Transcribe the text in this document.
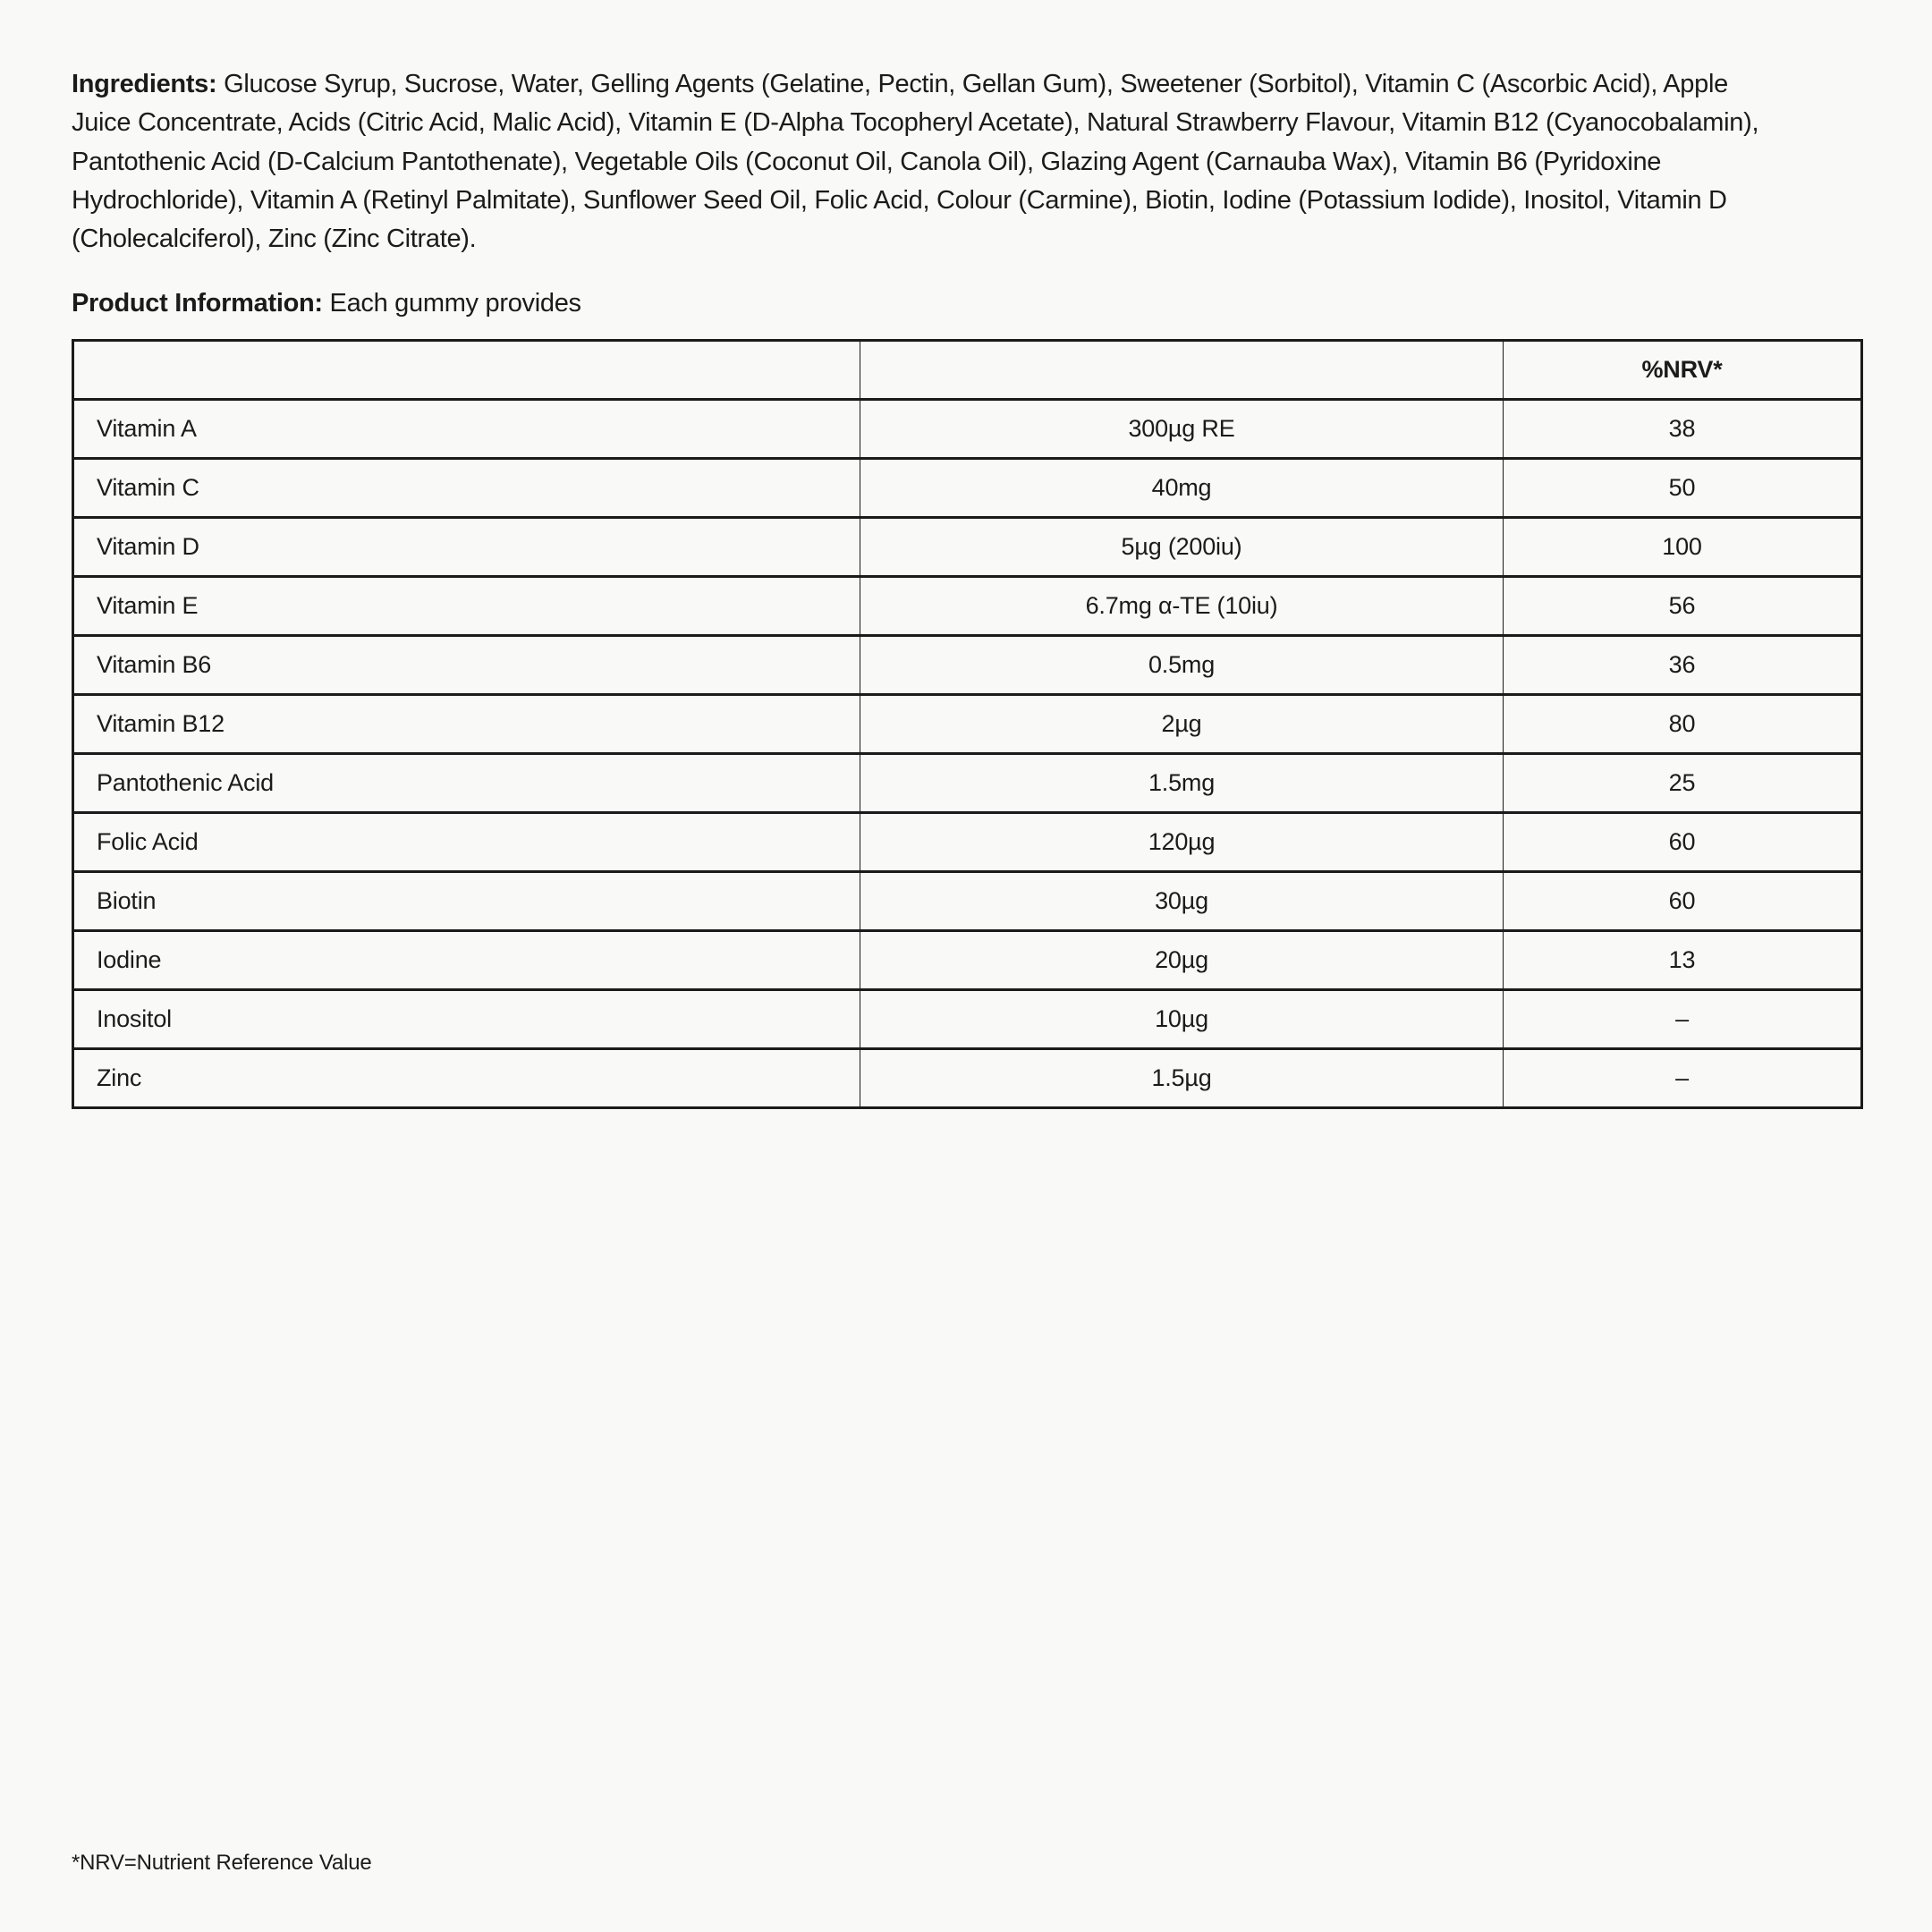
Ingredients: Glucose Syrup, Sucrose, Water, Gelling Agents (Gelatine, Pectin, Gellan Gum), Sweetener (Sorbitol), Vitamin C (Ascorbic Acid), Apple
Juice Concentrate, Acids (Citric Acid, Malic Acid), Vitamin E (D-Alpha Tocopheryl Acetate), Natural Strawberry Flavour, Vitamin B12 (Cyanocobalamin),
Pantothenic Acid (D-Calcium Pantothenate), Vegetable Oils (Coconut Oil, Canola Oil), Glazing Agent (Carnauba Wax), Vitamin B6 (Pyridoxine
Hydrochloride), Vitamin A (Retinyl Palmitate), Sunflower Seed Oil, Folic Acid, Colour (Carmine), Biotin, Iodine (Potassium Iodide), Inositol, Vitamin D
(Cholecalciferol), Zinc (Zinc Citrate).
Product Information: Each gummy provides
		%NRV*
Vitamin A	300µg RE	38
Vitamin C	40mg	50
Vitamin D	5µg (200iu)	100
Vitamin E	6.7mg α-TE (10iu)	56
Vitamin B6	0.5mg	36
Vitamin B12	2µg	80
Pantothenic Acid	1.5mg	25
Folic Acid	120µg	60
Biotin	30µg	60
Iodine	20µg	13
Inositol	10µg	–
Zinc	1.5µg	–
*NRV=Nutrient Reference Value
